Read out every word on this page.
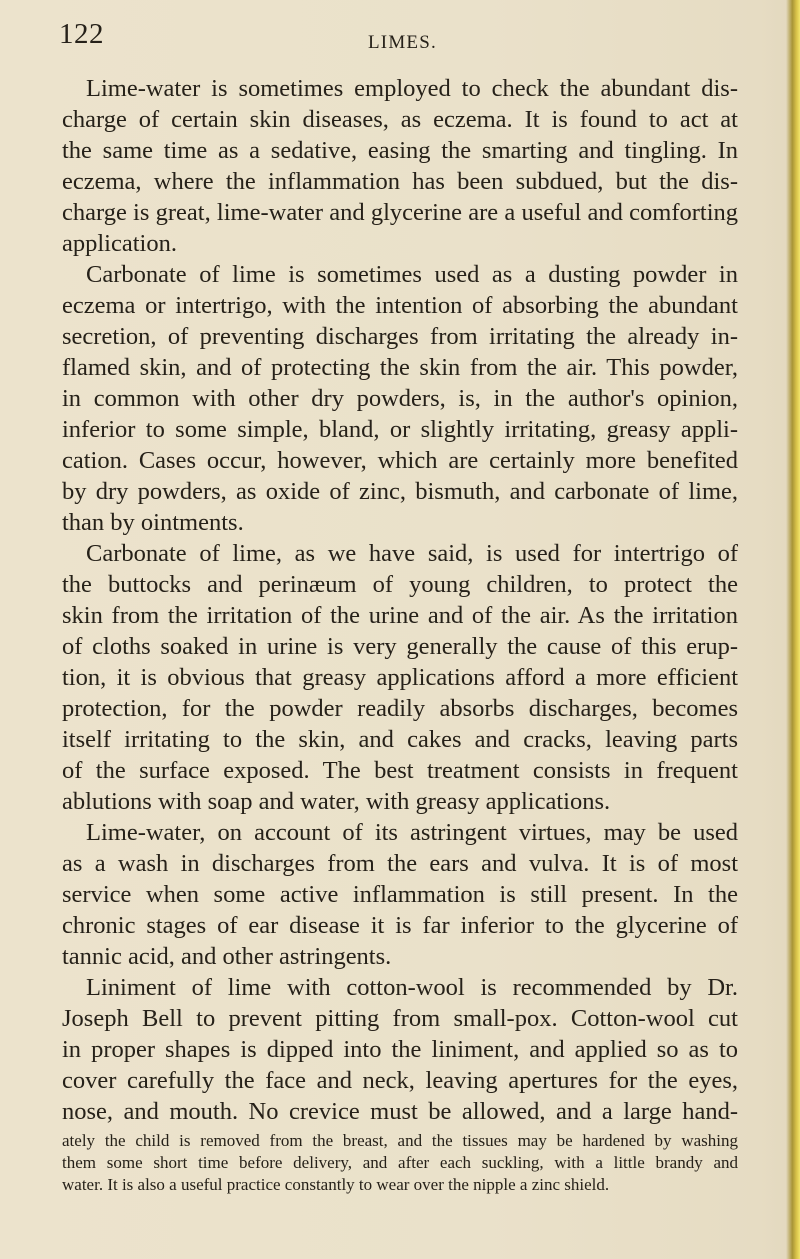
122	LIMES.
Lime-water is sometimes employed to check the abundant dis-
charge of certain skin diseases, as eczema. It is found to act at
the same time as a sedative, easing the smarting and tingling. In
eczema, where the inflammation has been subdued, but the dis-
charge is great, lime-water and glycerine are a useful and comforting
application.
Carbonate of lime is sometimes used as a dusting powder in
eczema or intertrigo, with the intention of absorbing the abundant
secretion, of preventing discharges from irritating the already in-
flamed skin, and of protecting the skin from the air. This powder,
in common with other dry powders, is, in the author's opinion,
inferior to some simple, bland, or slightly irritating, greasy appli-
cation. Cases occur, however, which are certainly more benefited
by dry powders, as oxide of zinc, bismuth, and carbonate of lime,
than by ointments.
Carbonate of lime, as we have said, is used for intertrigo of
the buttocks and perinæum of young children, to protect the
skin from the irritation of the urine and of the air. As the irritation
of cloths soaked in urine is very generally the cause of this erup-
tion, it is obvious that greasy applications afford a more efficient
protection, for the powder readily absorbs discharges, becomes
itself irritating to the skin, and cakes and cracks, leaving parts
of the surface exposed. The best treatment consists in frequent
ablutions with soap and water, with greasy applications.
Lime-water, on account of its astringent virtues, may be used
as a wash in discharges from the ears and vulva. It is of most
service when some active inflammation is still present. In the
chronic stages of ear disease it is far inferior to the glycerine of
tannic acid, and other astringents.
Liniment of lime with cotton-wool is recommended by Dr.
Joseph Bell to prevent pitting from small-pox. Cotton-wool cut
in proper shapes is dipped into the liniment, and applied so as to
cover carefully the face and neck, leaving apertures for the eyes,
nose, and mouth. No crevice must be allowed, and a large hand-
ately the child is removed from the breast, and the tissues may be hardened by washing
them some short time before delivery, and after each suckling, with a little brandy and
water. It is also a useful practice constantly to wear over the nipple a zinc shield.
